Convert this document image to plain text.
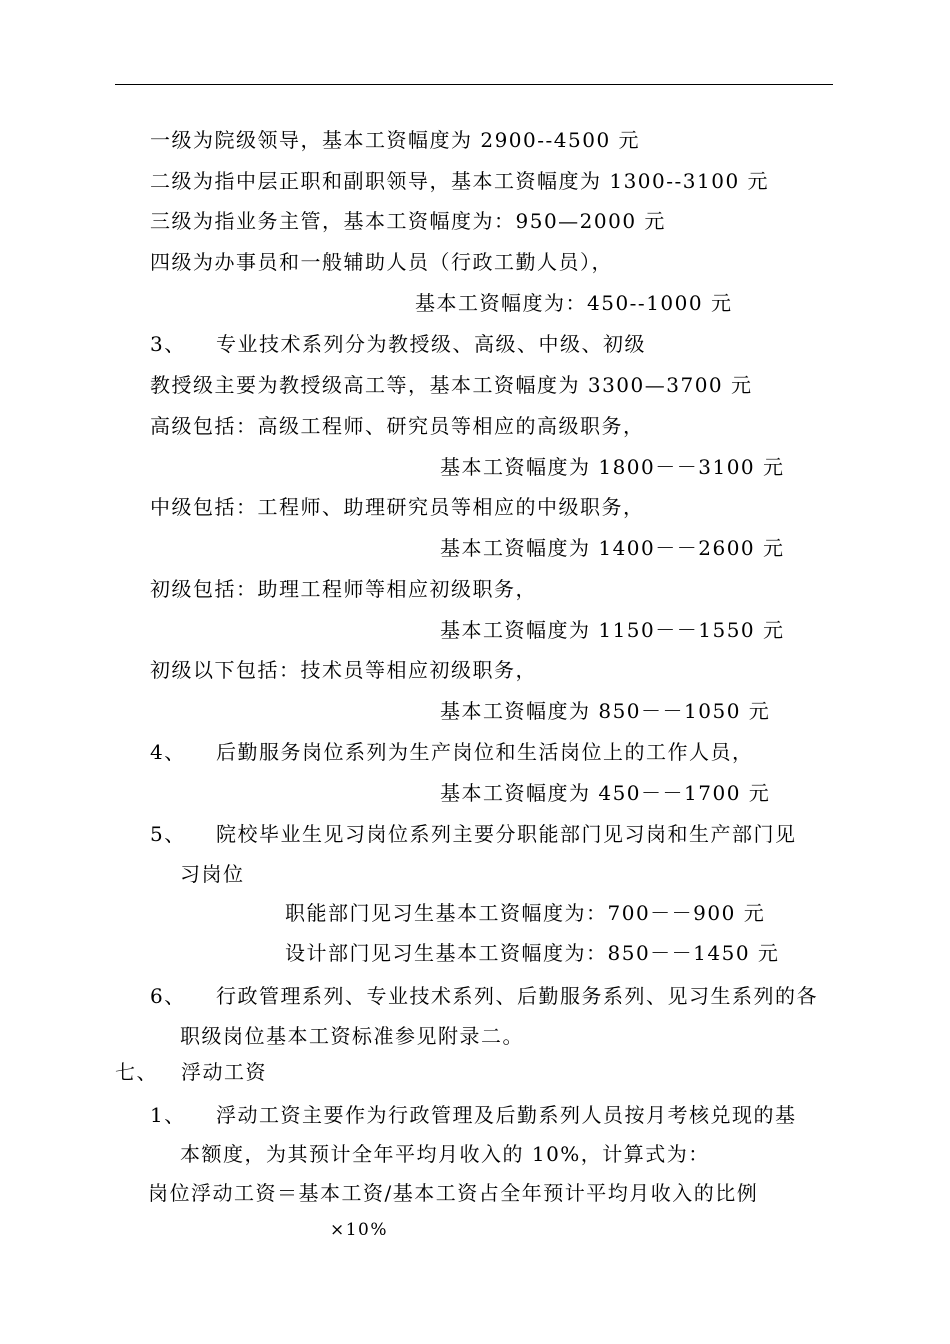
一级为院级领导，基本工资幅度为 2900--4500 元
二级为指中层正职和副职领导，基本工资幅度为 1300--3100 元
三级为指业务主管，基本工资幅度为：950—2000 元
四级为办事员和一般辅助人员（行政工勤人员），
基本工资幅度为：450--1000 元
3、 专业技术系列分为教授级、高级、中级、初级
教授级主要为教授级高工等，基本工资幅度为 3300—3700 元
高级包括：高级工程师、研究员等相应的高级职务，
基本工资幅度为 1800－－3100 元
中级包括：工程师、助理研究员等相应的中级职务，
基本工资幅度为 1400－－2600 元
初级包括：助理工程师等相应初级职务，
基本工资幅度为 1150－－1550 元
初级以下包括：技术员等相应初级职务，
基本工资幅度为 850－－1050 元
4、 后勤服务岗位系列为生产岗位和生活岗位上的工作人员，
基本工资幅度为 450－－1700 元
5、 院校毕业生见习岗位系列主要分职能部门见习岗和生产部门见
习岗位
职能部门见习生基本工资幅度为：700－－900 元
设计部门见习生基本工资幅度为：850－－1450 元
6、 行政管理系列、专业技术系列、后勤服务系列、见习生系列的各
职级岗位基本工资标准参见附录二。
七、 浮动工资
1、 浮动工资主要作为行政管理及后勤系列人员按月考核兑现的基
本额度，为其预计全年平均月收入的 10%，计算式为：
岗位浮动工资＝基本工资/基本工资占全年预计平均月收入的比例
×10%
